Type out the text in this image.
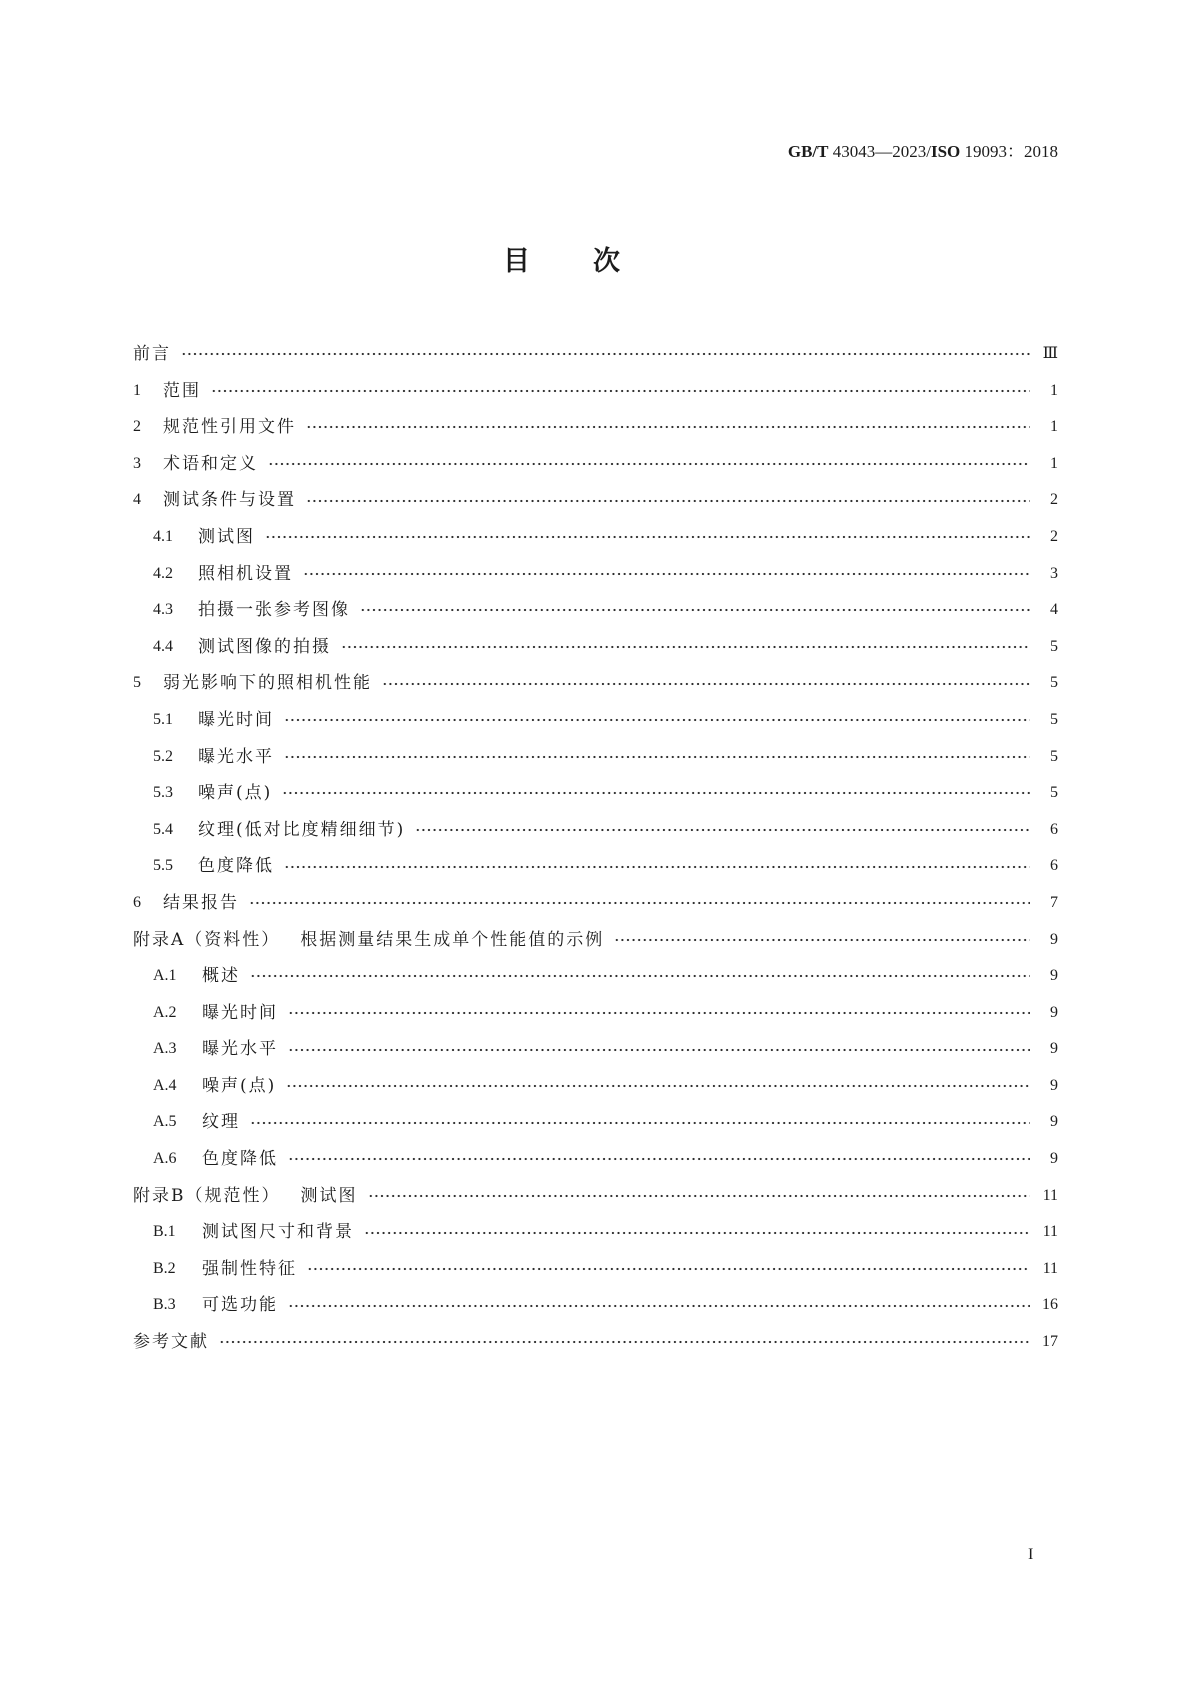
GB/T 43043—2023/ISO 19093：2018
目　次
前言	Ⅲ
1	范围	1
2	规范性引用文件	1
3	术语和定义	1
4	测试条件与设置	2
4.1	测试图	2
4.2	照相机设置	3
4.3	拍摄一张参考图像	4
4.4	测试图像的拍摄	5
5	弱光影响下的照相机性能	5
5.1	曝光时间	5
5.2	曝光水平	5
5.3	噪声(点)	5
5.4	纹理(低对比度精细细节)	6
5.5	色度降低	6
6	结果报告	7
附录A（资料性） 根据测量结果生成单个性能值的示例	9
A.1	概述	9
A.2	曝光时间	9
A.3	曝光水平	9
A.4	噪声(点)	9
A.5	纹理	9
A.6	色度降低	9
附录B（规范性） 测试图	11
B.1	测试图尺寸和背景	11
B.2	强制性特征	11
B.3	可选功能	16
参考文献	17
I
